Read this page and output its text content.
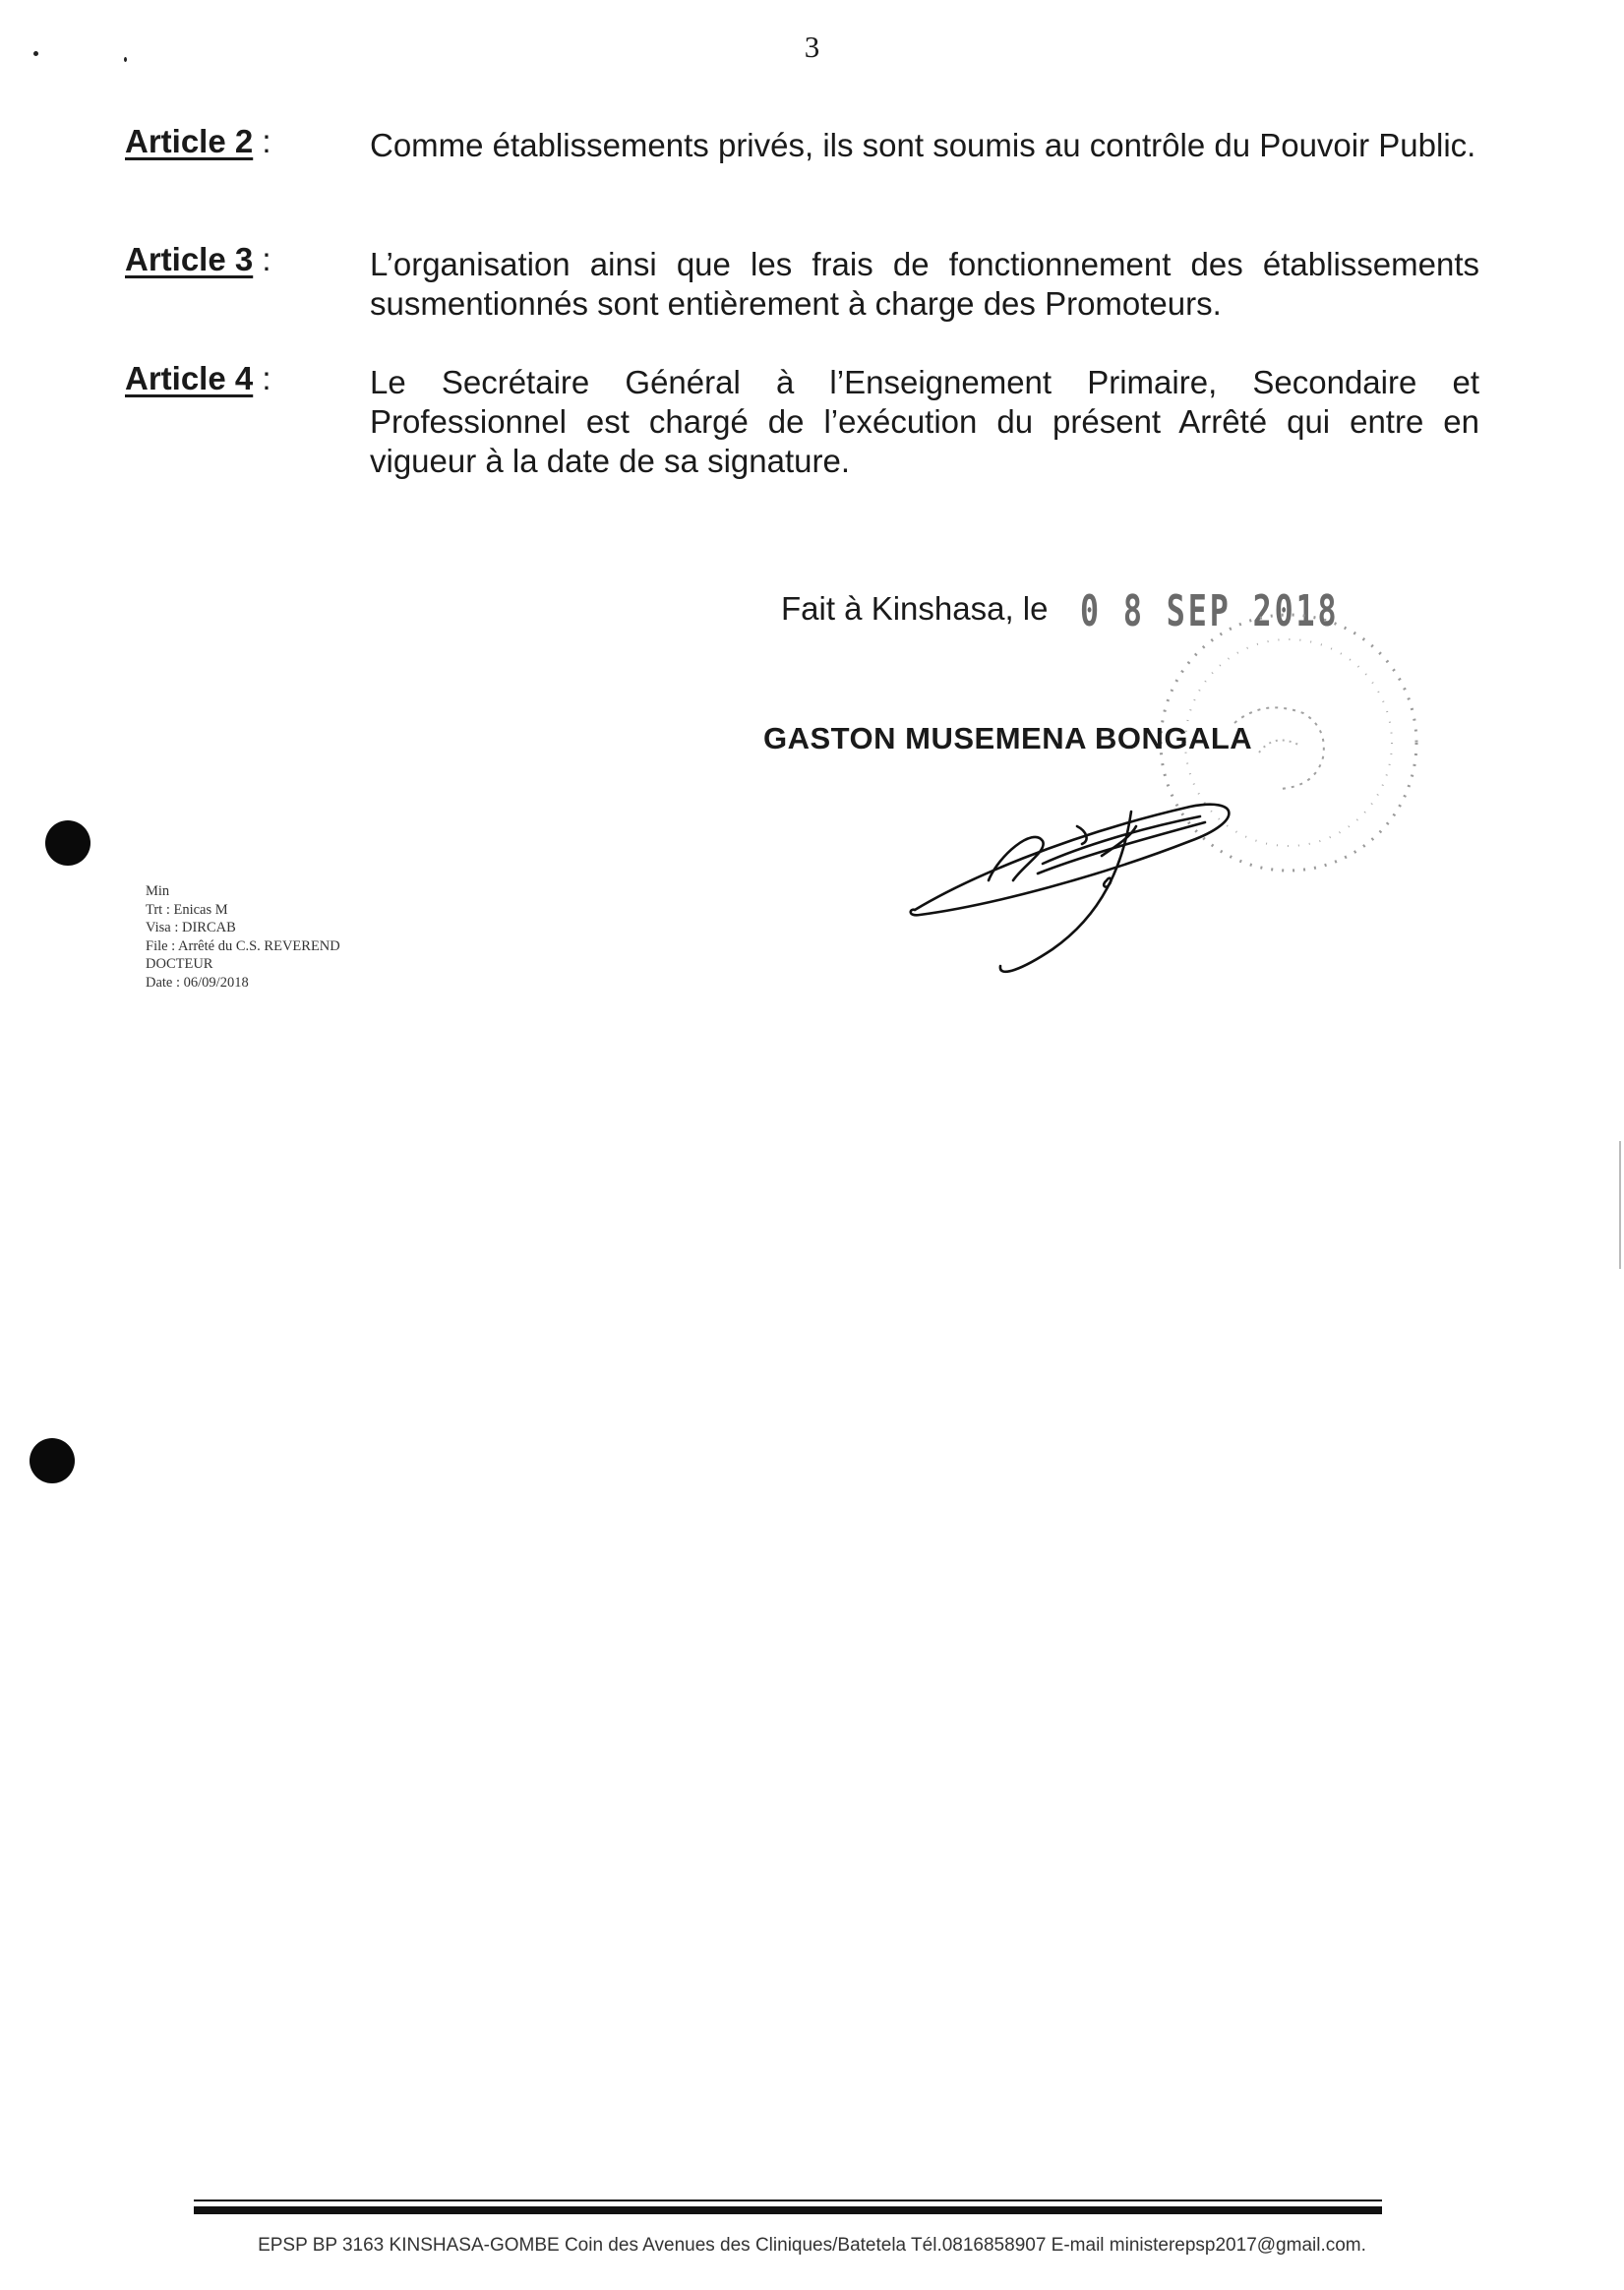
3
Article 2 :	Comme établissements privés, ils sont soumis au contrôle du Pouvoir Public.
Article 3 :	L’organisation ainsi que les frais de fonctionnement des établissements susmentionnés sont entièrement à charge des Promoteurs.
Article 4 :	Le Secrétaire Général à l’Enseignement Primaire, Secondaire et Professionnel est chargé de l’exécution du présent Arrêté qui entre en vigueur à la date de sa signature.
Fait à Kinshasa, le 0 8 SEP 2018
GASTON MUSEMENA BONGALA
Min
Trt : Enicas M
Visa : DIRCAB
File : Arrêté du C.S. REVEREND
DOCTEUR
Date : 06/09/2018
EPSP BP 3163 KINSHASA-GOMBE Coin des Avenues des Cliniques/Batetela Tél.0816858907 E-mail ministerepsp2017@gmail.com.
